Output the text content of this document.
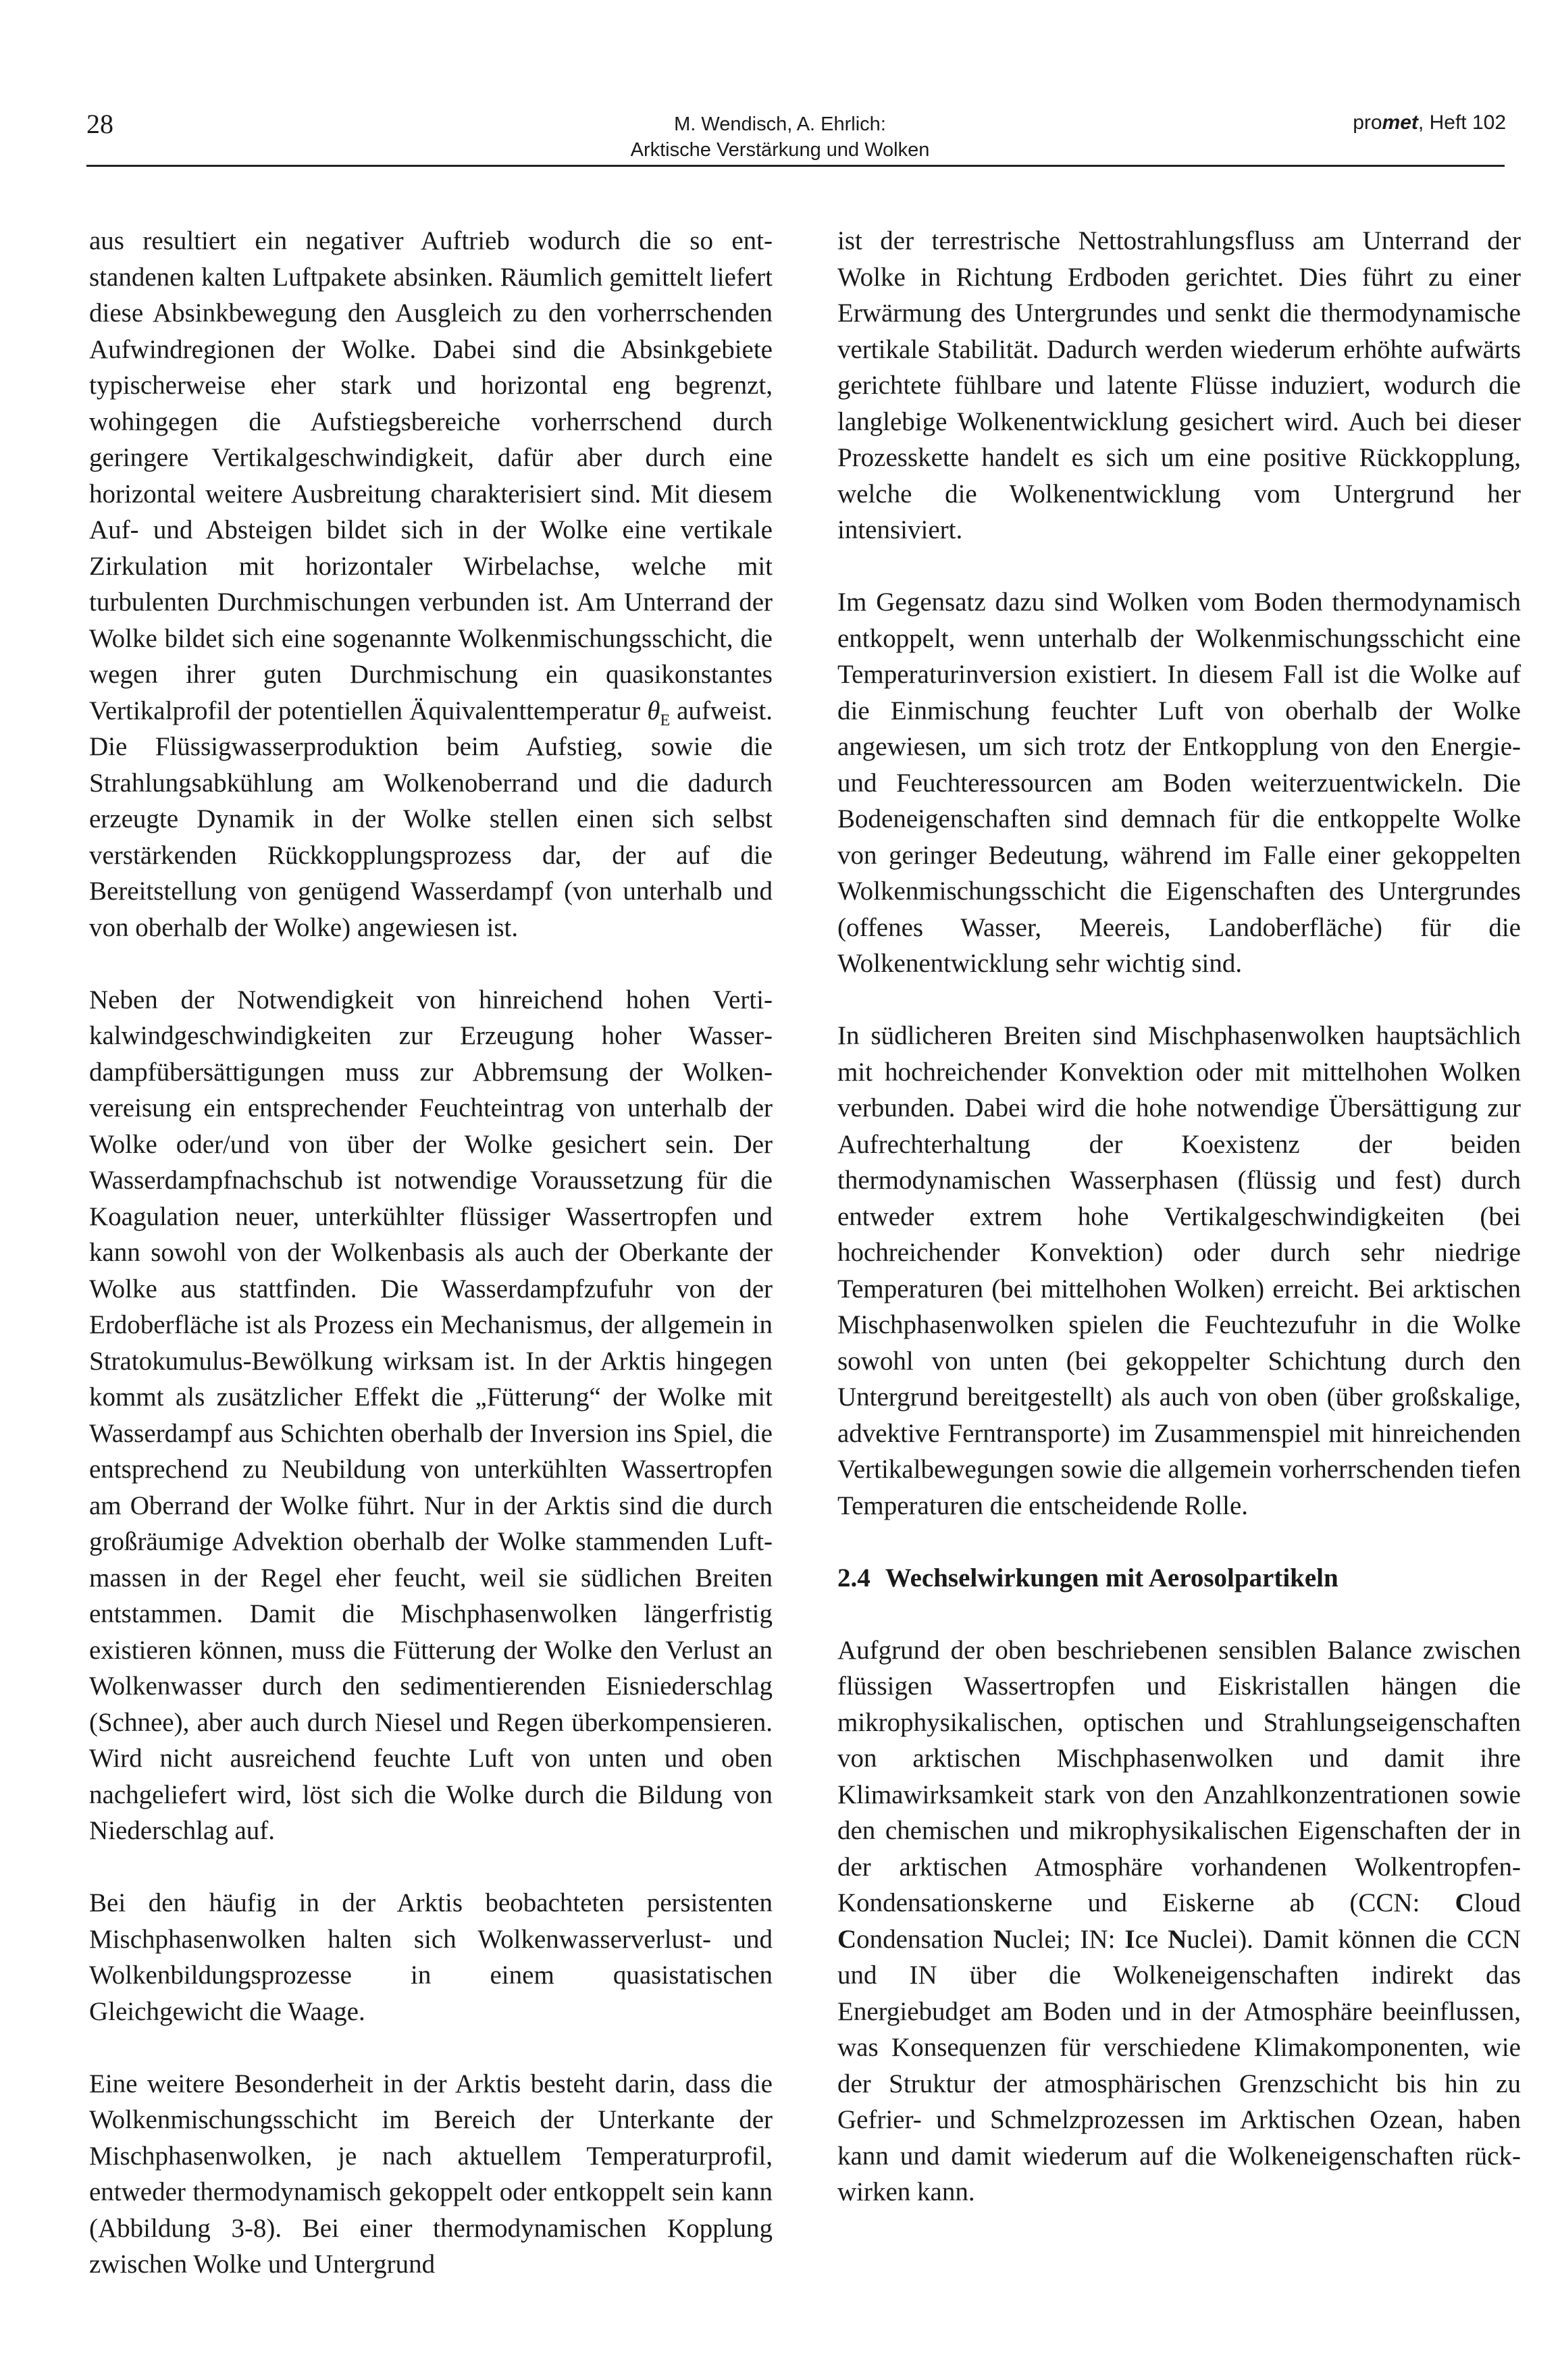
28	M. Wendisch, A. Ehrlich:
Arktische Verstärkung und Wolken
promet, Heft 102

aus resultiert ein negativer Auftrieb wodurch die so entstandenen kalten Luftpakete absinken. Räumlich gemittelt liefert diese Absinkbewegung den Ausgleich zu den vorherrschenden Aufwindregionen der Wolke. Dabei sind die Absinkgebiete typischerweise eher stark und horizontal eng begrenzt, wohingegen die Aufstiegsbereiche vorherrschend durch geringere Vertikalgeschwindigkeit, dafür aber durch eine horizontal weitere Ausbreitung charakterisiert sind. Mit diesem Auf- und Absteigen bildet sich in der Wolke eine vertikale Zirkulation mit horizontaler Wirbelachse, welche mit turbulenten Durchmischungen verbunden ist. Am Unterrand der Wolke bildet sich eine sogenannte Wolkenmischungsschicht, die wegen ihrer guten Durchmischung ein quasikonstantes Vertikalprofil der potentiellen Äquivalenttemperatur $\theta_E$ aufweist. Die Flüssigwasserproduktion beim Aufstieg, sowie die Strahlungsabkühlung am Wolkenoberrand und die dadurch erzeugte Dynamik in der Wolke stellen einen sich selbst verstärkenden Rückkopplungsprozess dar, der auf die Bereitstellung von genügend Wasserdampf (von unterhalb und von oberhalb der Wolke) angewiesen ist.

Neben der Notwendigkeit von hinreichend hohen Vertikalwindgeschwindigkeiten zur Erzeugung hoher Wasserdampfübersättigungen muss zur Abbremsung der Wolkenvereisung ein entsprechender Feuchteintrag von unterhalb der Wolke oder/und von über der Wolke gesichert sein. Der Wasserdampfnachschub ist notwendige Voraussetzung für die Koagulation neuer, unterkühlter flüssiger Wassertropfen und kann sowohl von der Wolkenbasis als auch der Oberkante der Wolke aus stattfinden. Die Wasserdampfzufuhr von der Erdoberfläche ist als Prozess ein Mechanismus, der allgemein in Stratokumulus-Bewölkung wirksam ist. In der Arktis hingegen kommt als zusätzlicher Effekt die „Fütterung“ der Wolke mit Wasserdampf aus Schichten oberhalb der Inversion ins Spiel, die entsprechend zu Neubildung von unterkühlten Wassertropfen am Oberrand der Wolke führt. Nur in der Arktis sind die durch großräumige Advektion oberhalb der Wolke stammenden Luftmassen in der Regel eher feucht, weil sie südlichen Breiten entstammen. Damit die Mischphasenwolken längerfristig existieren können, muss die Fütterung der Wolke den Verlust an Wolkenwasser durch den sedimentierenden Eisniederschlag (Schnee), aber auch durch Niesel und Regen überkompensieren. Wird nicht ausreichend feuchte Luft von unten und oben nachgeliefert wird, löst sich die Wolke durch die Bildung von Niederschlag auf.

Bei den häufig in der Arktis beobachteten persistenten Mischphasenwolken halten sich Wolkenwasserverlust- und Wolkenbildungsprozesse in einem quasistatischen Gleichgewicht die Waage.

Eine weitere Besonderheit in der Arktis besteht darin, dass die Wolkenmischungsschicht im Bereich der Unterkante der Mischphasenwolken, je nach aktuellem Temperaturprofil, entweder thermodynamisch gekoppelt oder entkoppelt sein kann (Abbildung 3-8). Bei einer thermodynamischen Kopplung zwischen Wolke und Untergrund

ist der terrestrische Nettostrahlungsfluss am Unterrand der Wolke in Richtung Erdboden gerichtet. Dies führt zu einer Erwärmung des Untergrundes und senkt die thermodynamische vertikale Stabilität. Dadurch werden wiederum erhöhte aufwärts gerichtete fühlbare und latente Flüsse induziert, wodurch die langlebige Wolkenentwicklung gesichert wird. Auch bei dieser Prozesskette handelt es sich um eine positive Rückkopplung, welche die Wolkenentwicklung vom Untergrund her intensiviert.

Im Gegensatz dazu sind Wolken vom Boden thermodynamisch entkoppelt, wenn unterhalb der Wolkenmischungsschicht eine Temperaturinversion existiert. In diesem Fall ist die Wolke auf die Einmischung feuchter Luft von oberhalb der Wolke angewiesen, um sich trotz der Entkopplung von den Energie- und Feuchteressourcen am Boden weiterzuentwickeln. Die Bodeneigenschaften sind demnach für die entkoppelte Wolke von geringer Bedeutung, während im Falle einer gekoppelten Wolkenmischungsschicht die Eigenschaften des Untergrundes (offenes Wasser, Meereis, Landoberfläche) für die Wolkenentwicklung sehr wichtig sind.

In südlicheren Breiten sind Mischphasenwolken hauptsächlich mit hochreichender Konvektion oder mit mittelhohen Wolken verbunden. Dabei wird die hohe notwendige Übersättigung zur Aufrechterhaltung der Koexistenz der beiden thermodynamischen Wasserphasen (flüssig und fest) durch entweder extrem hohe Vertikalgeschwindigkeiten (bei hochreichender Konvektion) oder durch sehr niedrige Temperaturen (bei mittelhohen Wolken) erreicht. Bei arktischen Mischphasenwolken spielen die Feuchtezufuhr in die Wolke sowohl von unten (bei gekoppelter Schichtung durch den Untergrund bereitgestellt) als auch von oben (über großskalige, advektive Ferntransporte) im Zusammenspiel mit hinreichenden Vertikalbewegungen sowie die allgemein vorherrschenden tiefen Temperaturen die entscheidende Rolle.

2.4 Wechselwirkungen mit Aerosolpartikeln

Aufgrund der oben beschriebenen sensiblen Balance zwischen flüssigen Wassertropfen und Eiskristallen hängen die mikrophysikalischen, optischen und Strahlungseigenschaften von arktischen Mischphasenwolken und damit ihre Klimawirksamkeit stark von den Anzahlkonzentrationen sowie den chemischen und mikrophysikalischen Eigenschaften der in der arktischen Atmosphäre vorhandenen Wolkentropfen-Kondensationskerne und Eiskerne ab (CCN: Cloud Condensation Nuclei; IN: Ice Nuclei). Damit können die CCN und IN über die Wolkeneigenschaften indirekt das Energiebudget am Boden und in der Atmosphäre beeinflussen, was Konsequenzen für verschiedene Klimakomponenten, wie der Struktur der atmosphärischen Grenzschicht bis hin zu Gefrier- und Schmelzprozessen im Arktischen Ozean, haben kann und damit wiederum auf die Wolkeneigenschaften rückwirken kann.
